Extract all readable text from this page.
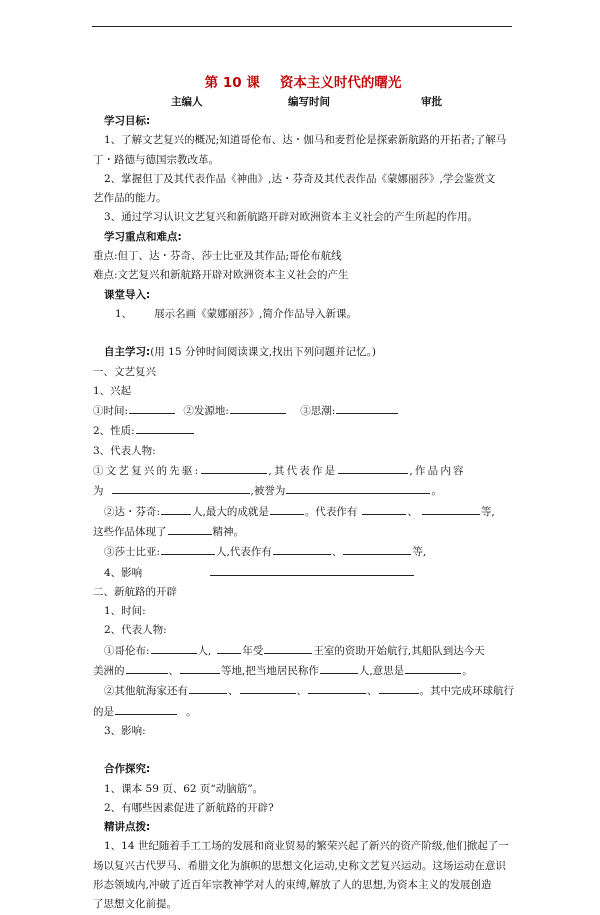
第 10 课 资本主义时代的曙光
主编人	编写时间	审批
学习目标:
1、了解文艺复兴的概况;知道哥伦布、达・伽马和麦哲伦是探索新航路的开拓者;了解马
丁・路德与德国宗教改革。
2、掌握但丁及其代表作品《神曲》,达・芬奇及其代表作品《蒙娜丽莎》,学会鉴赏文
艺作品的能力。
3、通过学习认识文艺复兴和新航路开辟对欧洲资本主义社会的产生所起的作用。
学习重点和难点:
重点:但丁、达・芬奇、莎士比亚及其作品;哥伦布航线
难点:文艺复兴和新航路开辟对欧洲资本主义社会的产生
课堂导入:
1、 展示名画《蒙娜丽莎》,简介作品导入新课。
自主学习:(用 15 分钟时间阅读课文,找出下列问题并记忆。)
一、文艺复兴
1、兴起
①时间:	②发源地:	③思潮:
2、性质:
3、代表人物:
①文艺复兴的先驱:	,其代表作是	,作品内容
为	,被誉为	。
②达・芬奇:	人,最大的成就是	。代表作有	、	等,
这些作品体现了	精神。
③莎士比亚:	人,代表作有	、	等,
4、影响
二、新航路的开辟
1、时间:
2、代表人物:
①哥伦布:	人,	年受	王室的资助开始航行,其船队到达今天
美洲的	、	等地,把当地居民称作	人,意思是	。
②其他航海家还有	、	、	、	。其中完成环球航行
的是	。
3、影响:
合作探究:
1、课本 59 页、62 页“动脑筋”。
2、有哪些因素促进了新航路的开辟?
精讲点拨:
1、14 世纪随着手工工场的发展和商业贸易的繁荣兴起了新兴的资产阶级,他们掀起了一
场以复兴古代罗马、希腊文化为旗帜的思想文化运动,史称文艺复兴运动。这场运动在意识
形态领域内,冲破了近百年宗教神学对人的束缚,解放了人的思想,为资本主义的发展创造
了思想文化前提。
